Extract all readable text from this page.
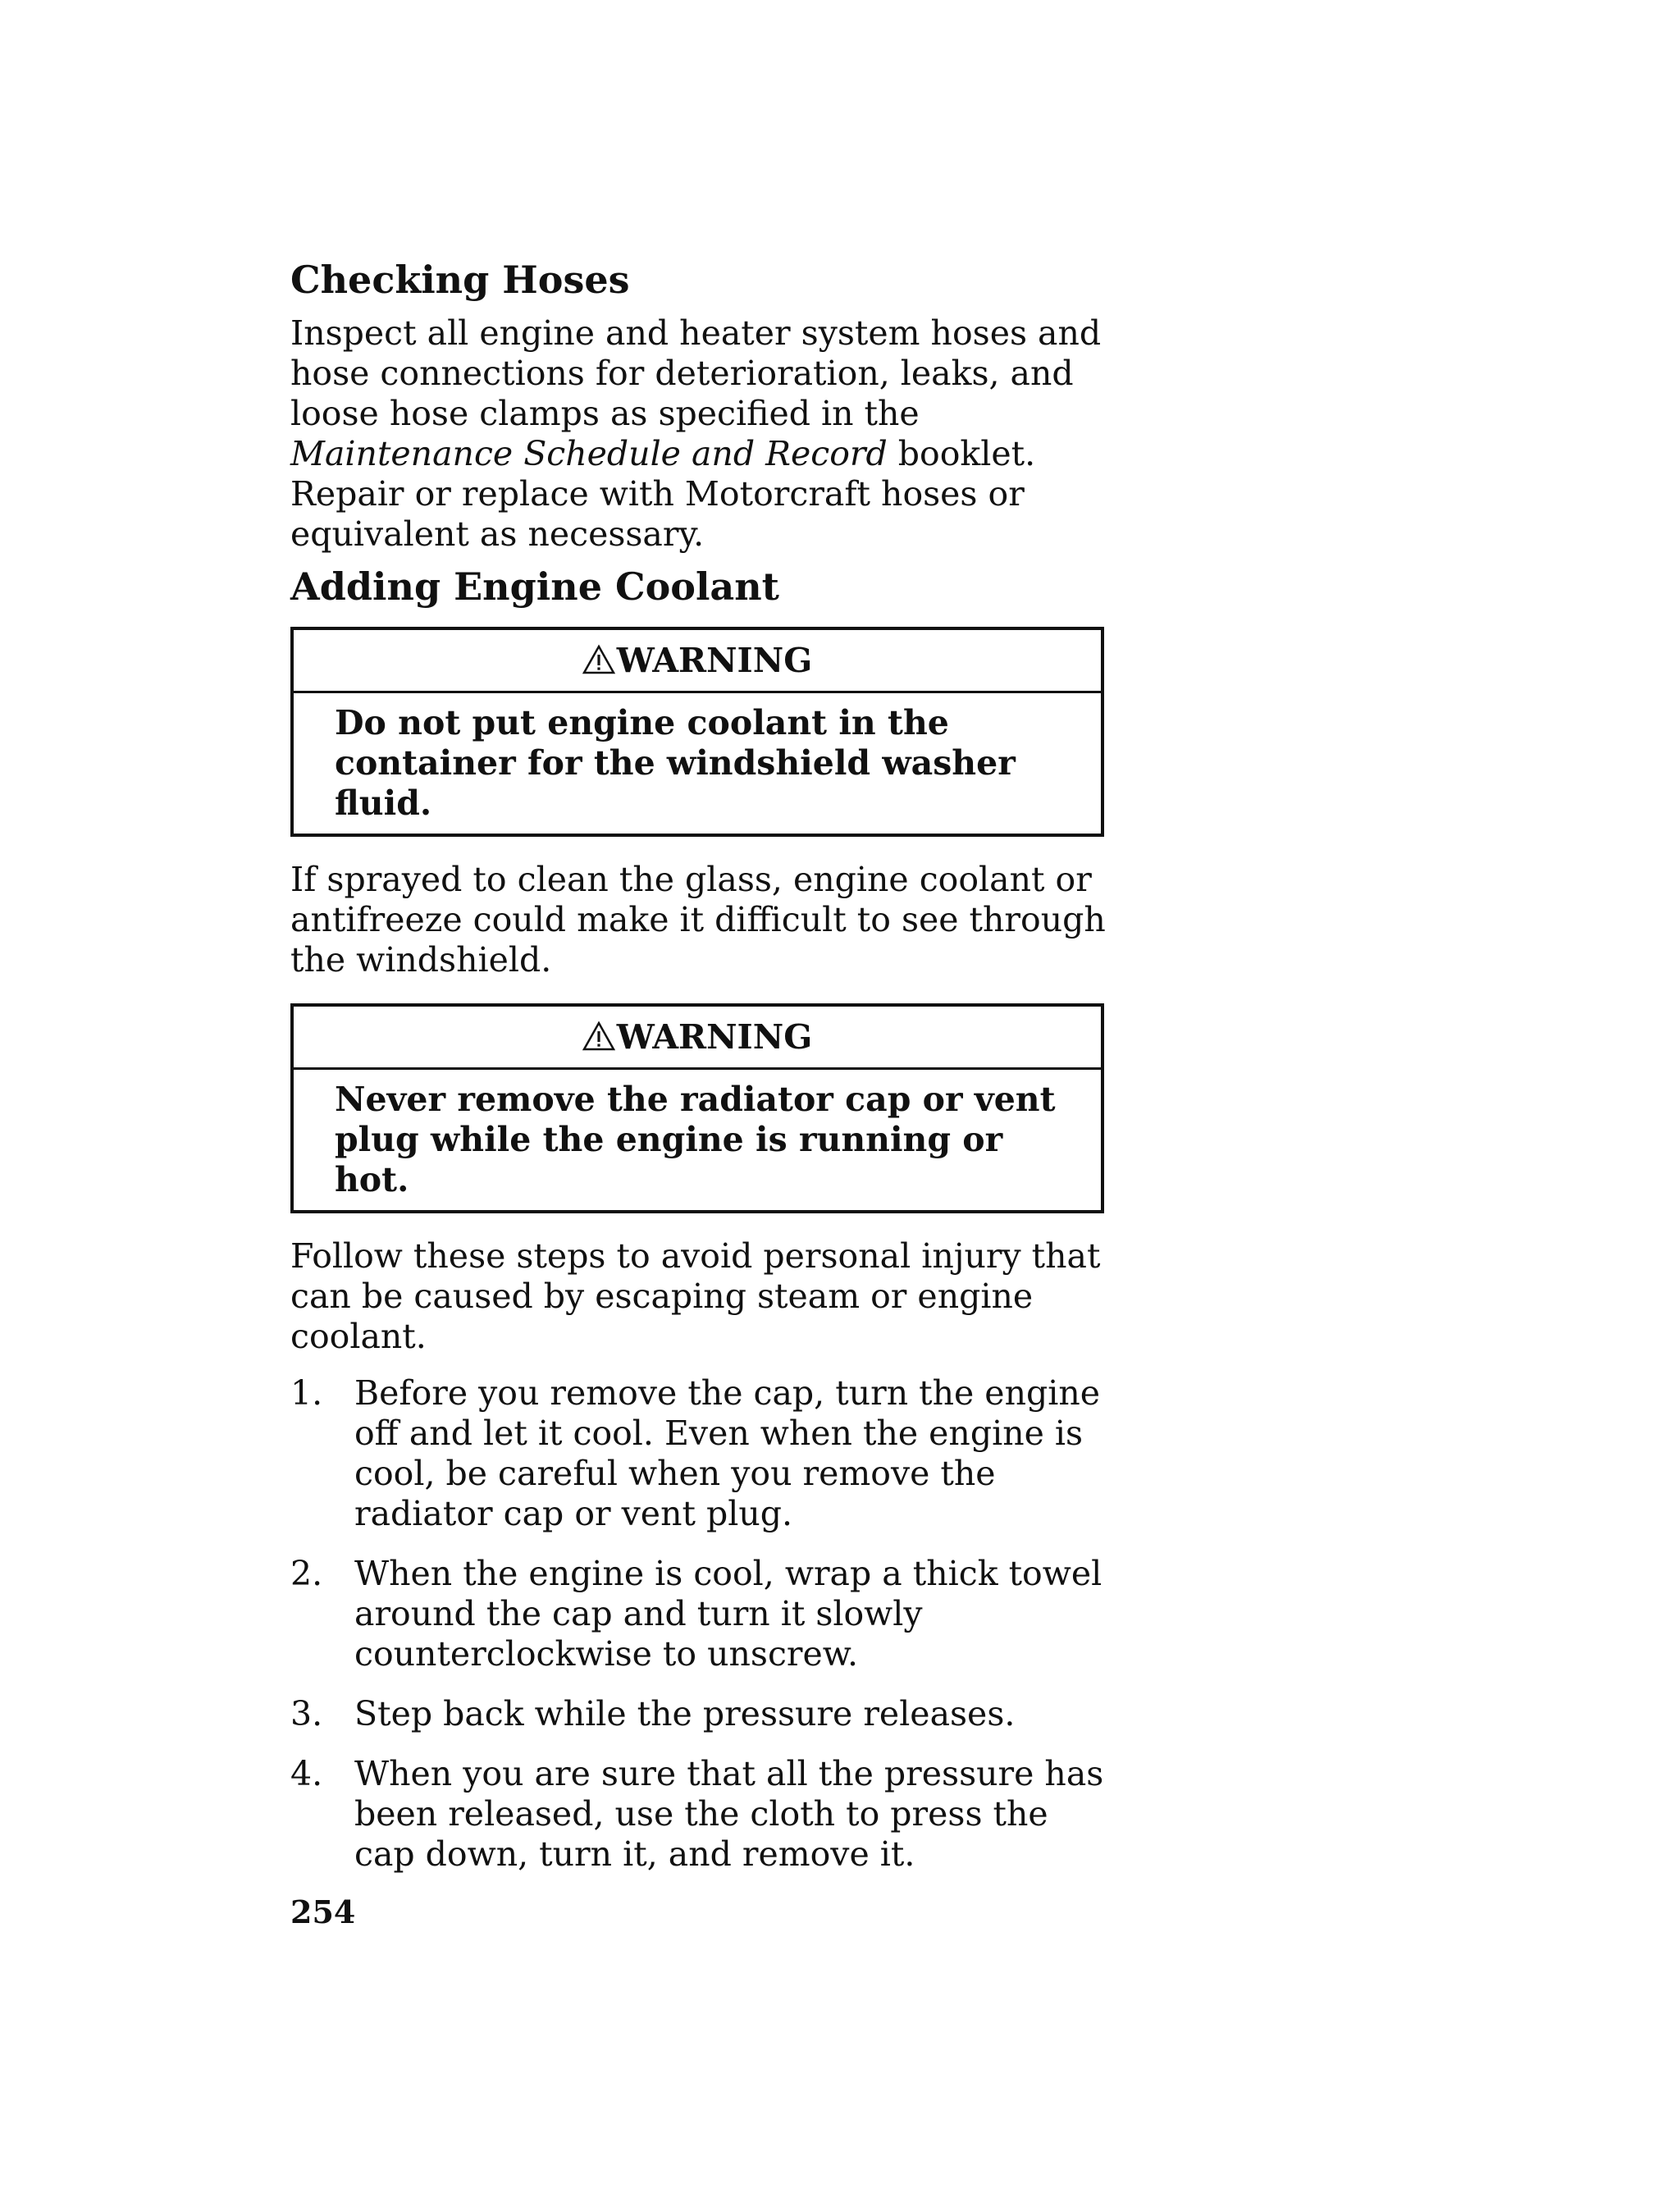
Checking Hoses

Inspect all engine and heater system hoses and hose connections for deterioration, leaks, and loose hose clamps as specified in the Maintenance Schedule and Record booklet. Repair or replace with Motorcraft hoses or equivalent as necessary.

Adding Engine Coolant
WARNING
Do not put engine coolant in the container for the windshield washer fluid.

If sprayed to clean the glass, engine coolant or antifreeze could make it difficult to see through the windshield.

WARNING
Never remove the radiator cap or vent plug while the engine is running or hot.

Follow these steps to avoid personal injury that can be caused by escaping steam or engine coolant.

1. Before you remove the cap, turn the engine off and let it cool. Even when the engine is cool, be careful when you remove the radiator cap or vent plug.
2. When the engine is cool, wrap a thick towel around the cap and turn it slowly counterclockwise to unscrew.
3. Step back while the pressure releases.
4. When you are sure that all the pressure has been released, use the cloth to press the cap down, turn it, and remove it.
254
